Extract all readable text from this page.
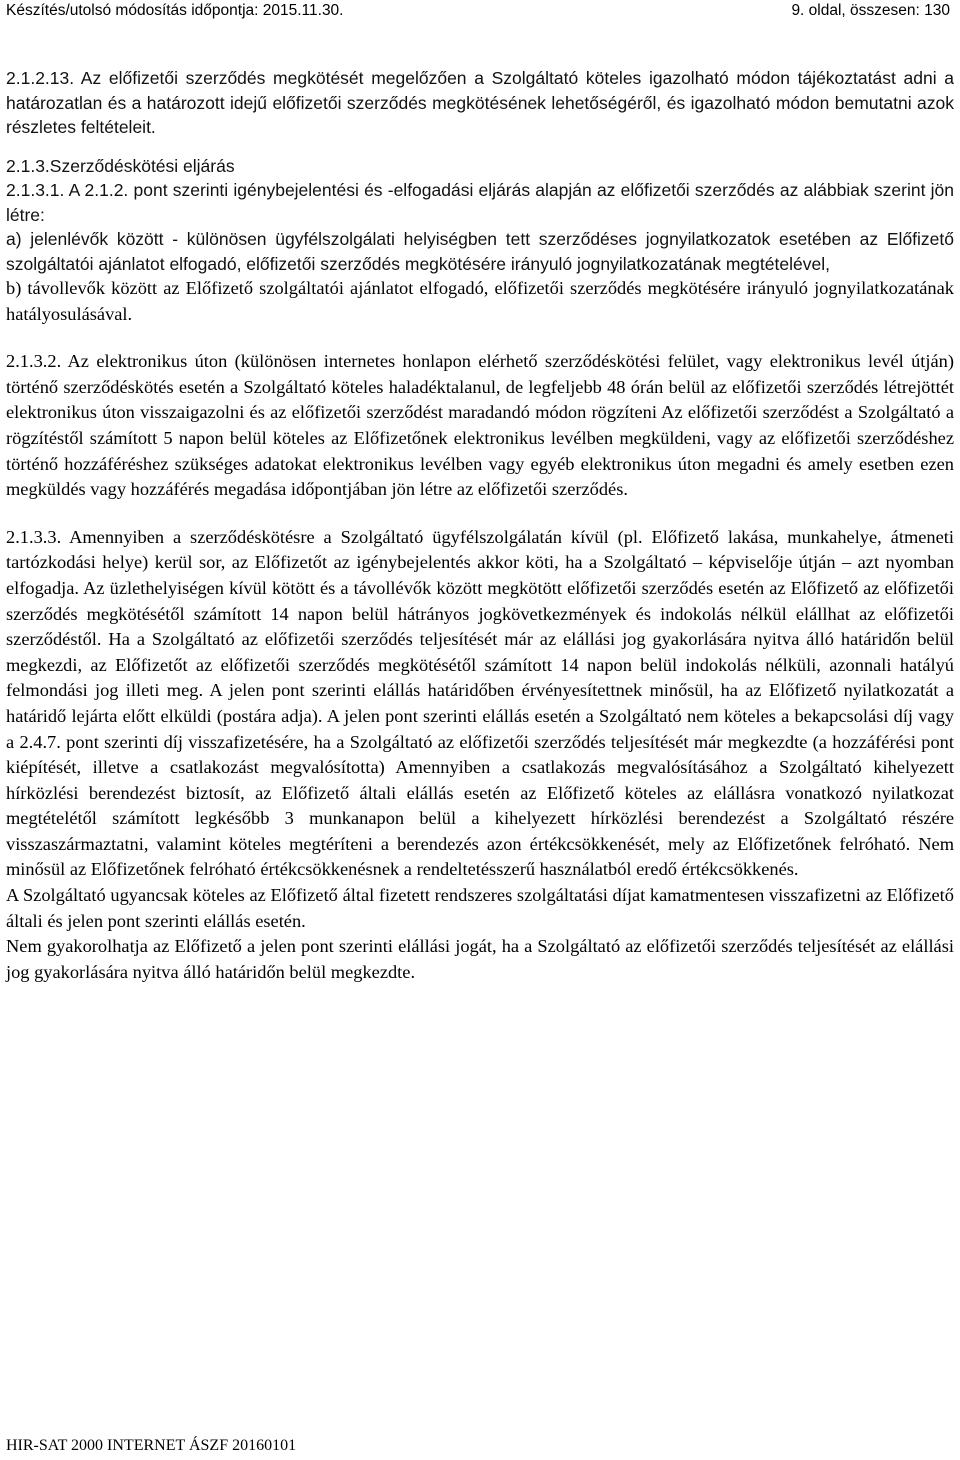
Készítés/utolsó módosítás időpontja: 2015.11.30.	9. oldal, összesen: 130

2.1.2.13. Az előfizetői szerződés megkötését megelőzően a Szolgáltató köteles igazolható módon tájékoztatást adni a határozatlan és a határozott idejű előfizetői szerződés megkötésének lehetőségéről, és igazolható módon bemutatni azok részletes feltételeit.

2.1.3.Szerződéskötési eljárás

2.1.3.1. A 2.1.2. pont szerinti igénybejelentési és -elfogadási eljárás alapján az előfizetői szerződés az alábbiak szerint jön létre:

a) jelenlévők között - különösen ügyfélszolgálati helyiségben tett szerződéses jognyilatkozatok esetében az Előfizető szolgáltatói ajánlatot elfogadó, előfizetői szerződés megkötésére irányuló jognyilatkozatának megtételével,

b) távollevők között az Előfizető szolgáltatói ajánlatot elfogadó, előfizetői szerződés megkötésére irányuló jognyilatkozatának hatályosulásával.

2.1.3.2. Az elektronikus úton (különösen internetes honlapon elérhető szerződéskötési felület, vagy elektronikus levél útján) történő szerződéskötés esetén a Szolgáltató köteles haladéktalanul, de legfeljebb 48 órán belül az előfizetői szerződés létrejöttét elektronikus úton visszaigazolni és az előfizetői szerződést maradandó módon rögzíteni Az előfizetői szerződést a Szolgáltató a rögzítéstől számított 5 napon belül köteles az Előfizetőnek elektronikus levélben megküldeni, vagy az előfizetői szerződéshez történő hozzáféréshez szükséges adatokat elektronikus levélben vagy egyéb elektronikus úton megadni és amely esetben ezen megküldés vagy hozzáférés megadása időpontjában jön létre az előfizetői szerződés.

2.1.3.3. Amennyiben a szerződéskötésre a Szolgáltató ügyfélszolgálatán kívül (pl. Előfizető lakása, munkahelye, átmeneti tartózkodási helye) kerül sor, az Előfizetőt az igénybejelentés akkor köti, ha a Szolgáltató – képviselője útján – azt nyomban elfogadja. Az üzlethelyiségen kívül kötött és a távollévők között megkötött előfizetői szerződés esetén az Előfizető az előfizetői szerződés megkötésétől számított 14 napon belül hátrányos jogkövetkezmények és indokolás nélkül elállhat az előfizetői szerződéstől. Ha a Szolgáltató az előfizetői szerződés teljesítését már az elállási jog gyakorlására nyitva álló határidőn belül megkezdi, az Előfizetőt az előfizetői szerződés megkötésétől számított 14 napon belül indokolás nélküli, azonnali hatályú felmondási jog illeti meg. A jelen pont szerinti elállás határidőben érvényesítettnek minősül, ha az Előfizető nyilatkozatát a határidő lejárta előtt elküldi (postára adja). A jelen pont szerinti elállás esetén a Szolgáltató nem köteles a bekapcsolási díj vagy a 2.4.7. pont szerinti díj visszafizetésére, ha a Szolgáltató az előfizetői szerződés teljesítését már megkezdte (a hozzáférési pont kiépítését, illetve a csatlakozást megvalósította) Amennyiben a csatlakozás megvalósításához a Szolgáltató kihelyezett hírközlési berendezést biztosít, az Előfizető általi elállás esetén az Előfizető köteles az elállásra vonatkozó nyilatkozat megtételétől számított legkésőbb 3 munkanapon belül a kihelyezett hírközlési berendezést a Szolgáltató részére visszaszármaztatni, valamint köteles megtéríteni a berendezés azon értékcsökkenését, mely az Előfizetőnek felróható. Nem minősül az Előfizetőnek felróható értékcsökkenésnek a rendeltetésszerű használatból eredő értékcsökkenés.

A Szolgáltató ugyancsak köteles az Előfizető által fizetett rendszeres szolgáltatási díjat kamatmentesen visszafizetni az Előfizető általi és jelen pont szerinti elállás esetén.

Nem gyakorolhatja az Előfizető a jelen pont szerinti elállási jogát, ha a Szolgáltató az előfizetői szerződés teljesítését az elállási jog gyakorlására nyitva álló határidőn belül megkezdte.

HIR-SAT 2000 INTERNET ÁSZF 20160101
